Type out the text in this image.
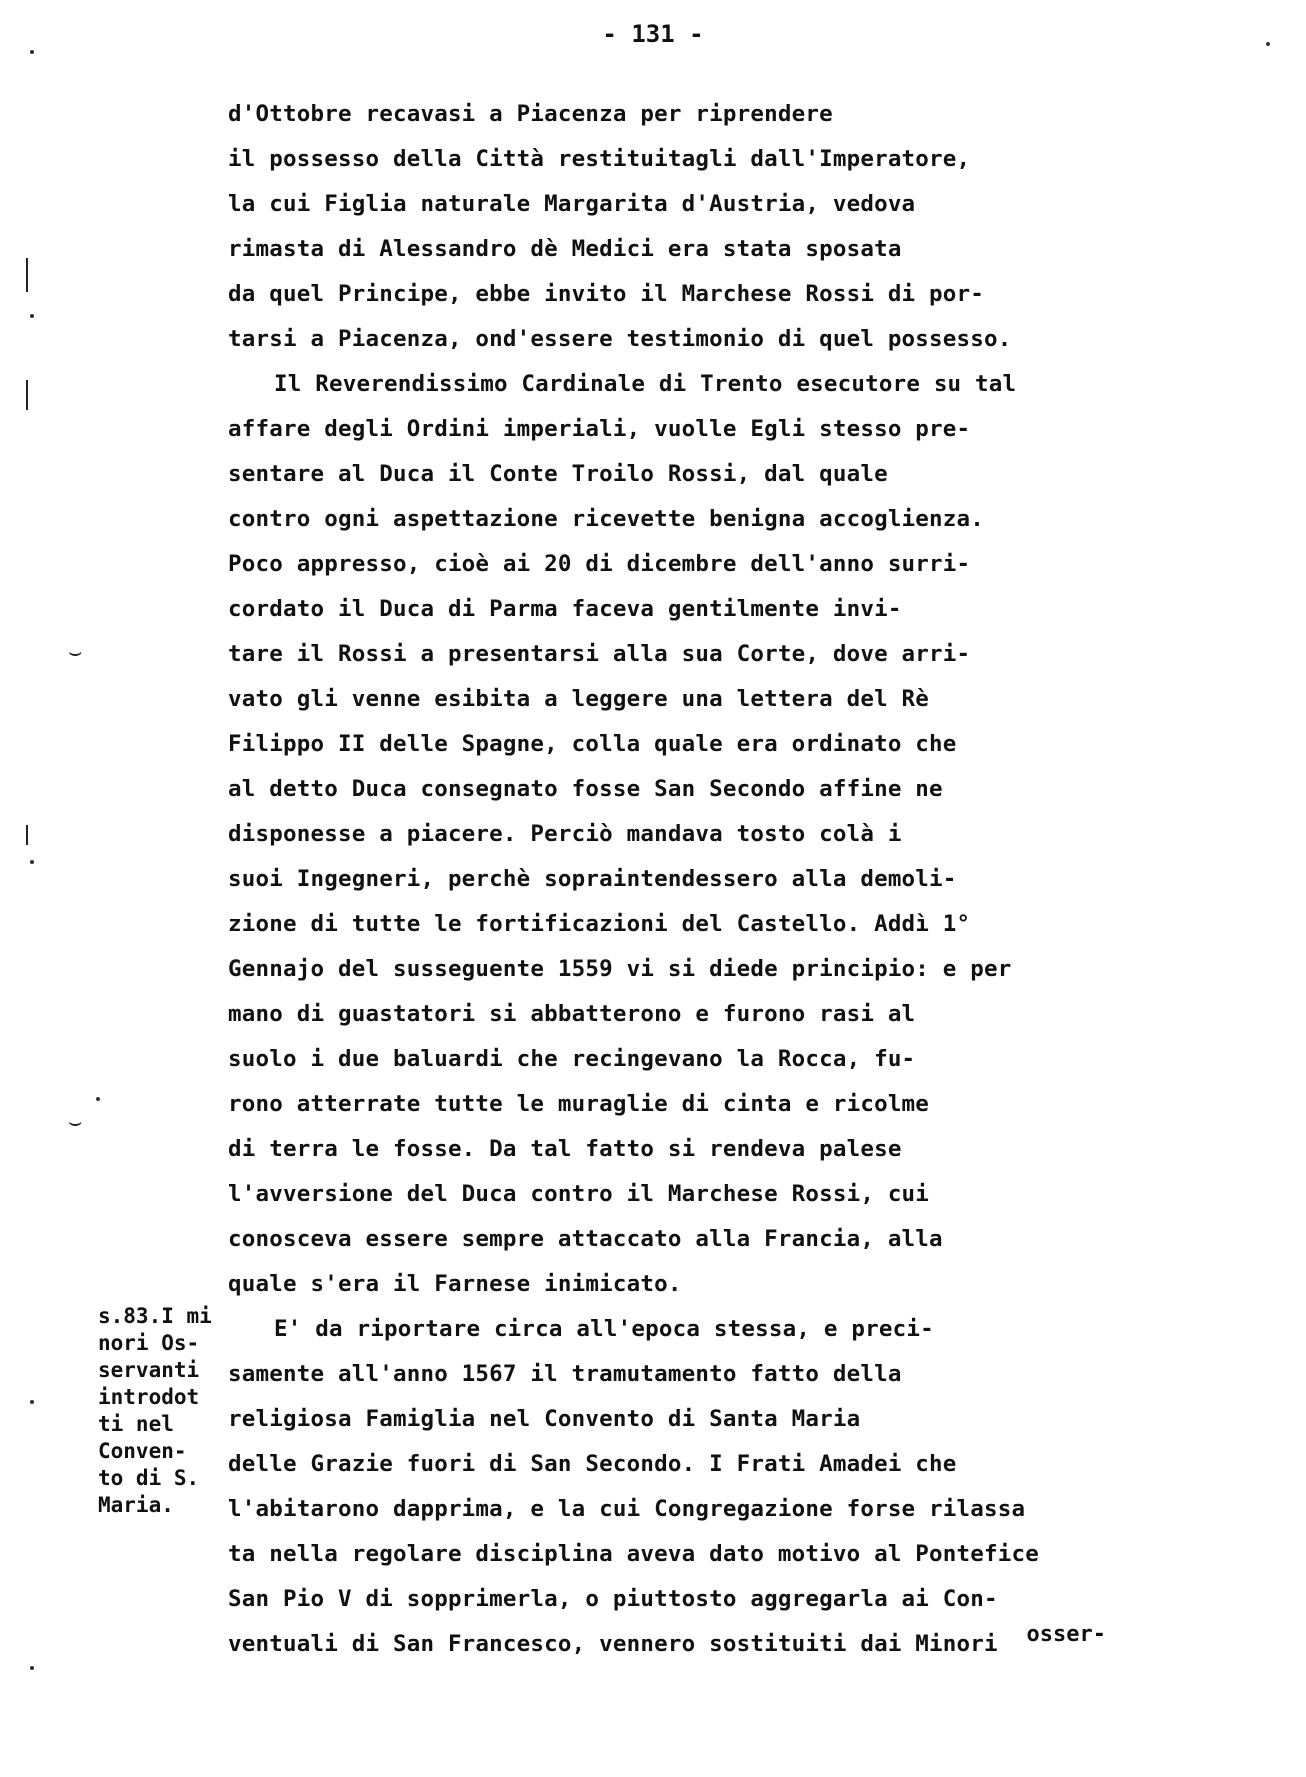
- 131 -
⌣
⌣
d'Ottobre recavasi a Piacenza per riprendere
il possesso della Città restituitagli dall'Imperatore,
la cui Figlia naturale Margarita d'Austria, vedova
rimasta di Alessandro dè Medici era stata sposata
da quel Principe, ebbe invito il Marchese Rossi di por-
tarsi a Piacenza, ond'essere testimonio di quel possesso.
Il Reverendissimo Cardinale di Trento esecutore su tal
affare degli Ordini imperiali, vuolle Egli stesso pre-
sentare al Duca il Conte Troilo Rossi, dal quale
contro ogni aspettazione ricevette benigna accoglienza.
Poco appresso, cioè ai 20 di dicembre dell'anno surri-
cordato il Duca di Parma faceva gentilmente invi-
tare il Rossi a presentarsi alla sua Corte, dove arri-
vato gli venne esibita a leggere una lettera del Rè
Filippo II delle Spagne, colla quale era ordinato che
al detto Duca consegnato fosse San Secondo affine ne
disponesse a piacere. Perciò mandava tosto colà i
suoi Ingegneri, perchè sopraintendessero alla demoli-
zione di tutte le fortificazioni del Castello. Addì 1°
Gennajo del susseguente 1559 vi si diede principio: e per
mano di guastatori si abbatterono e furono rasi al
suolo i due baluardi che recingevano la Rocca, fu-
rono atterrate tutte le muraglie di cinta e ricolme
di terra le fosse. Da tal fatto si rendeva palese
l'avversione del Duca contro il Marchese Rossi, cui
conosceva essere sempre attaccato alla Francia, alla
quale s'era il Farnese inimicato.
E' da riportare circa all'epoca stessa, e preci-
samente all'anno 1567 il tramutamento fatto della
religiosa Famiglia nel Convento di Santa Maria
delle Grazie fuori di San Secondo. I Frati Amadei che
l'abitarono dapprima, e la cui Congregazione forse rilassa
ta nella regolare disciplina aveva dato motivo al Pontefice
San Pio V di sopprimerla, o piuttosto aggregarla ai Con-
ventuali di San Francesco, vennero sostituiti dai Minori
s.83.I mi
nori Os-
servanti
introdot
ti nel
Conven-
to di S.
Maria.
osser-
